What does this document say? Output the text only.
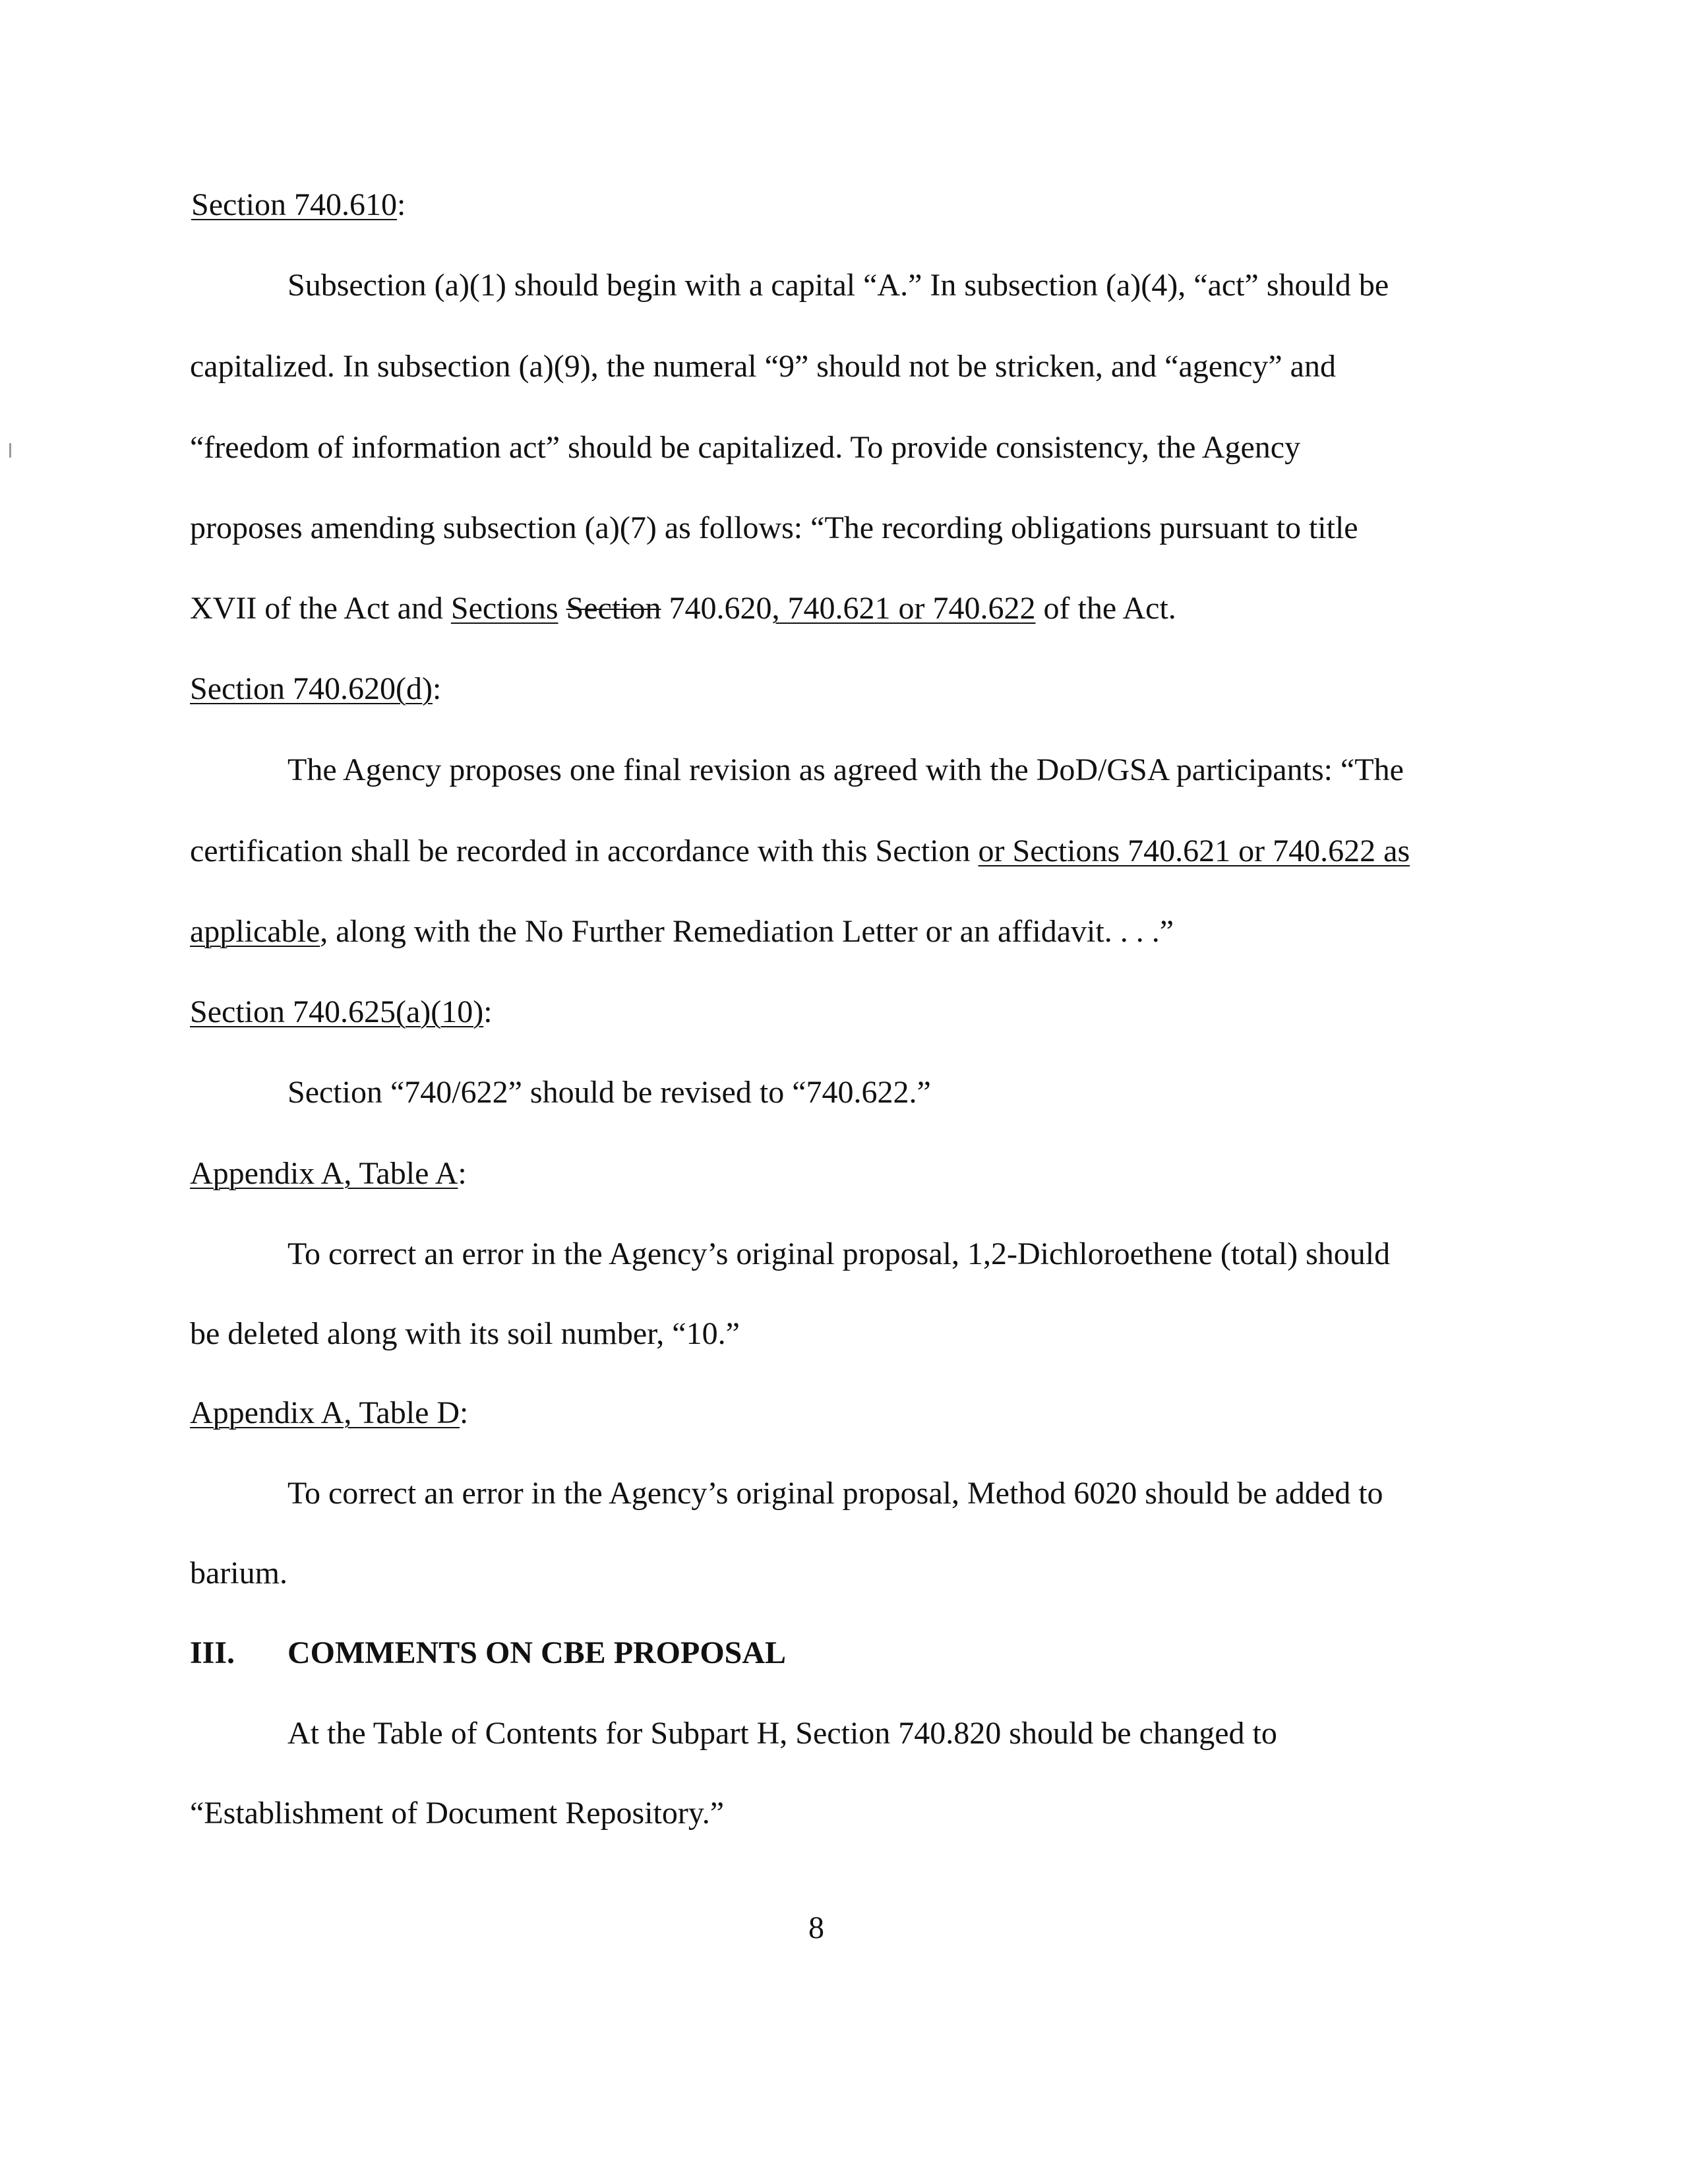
Section 740.610:
Subsection (a)(1) should begin with a capital “A.” In subsection (a)(4), “act” should be
capitalized. In subsection (a)(9), the numeral “9” should not be stricken, and “agency” and
“freedom of information act” should be capitalized. To provide consistency, the Agency
proposes amending subsection (a)(7) as follows: “The recording obligations pursuant to title
XVII of the Act and Sections Section 740.620, 740.621 or 740.622 of the Act.
Section 740.620(d):
The Agency proposes one final revision as agreed with the DoD/GSA participants: “The
certification shall be recorded in accordance with this Section or Sections 740.621 or 740.622 as
applicable, along with the No Further Remediation Letter or an affidavit. . . .”
Section 740.625(a)(10):
Section “740/622” should be revised to “740.622.”
Appendix A, Table A:
To correct an error in the Agency’s original proposal, 1,2-Dichloroethene (total) should
be deleted along with its soil number, “10.”
Appendix A, Table D:
To correct an error in the Agency’s original proposal, Method 6020 should be added to
barium.
III. COMMENTS ON CBE PROPOSAL
At the Table of Contents for Subpart H, Section 740.820 should be changed to
“Establishment of Document Repository.”
8
